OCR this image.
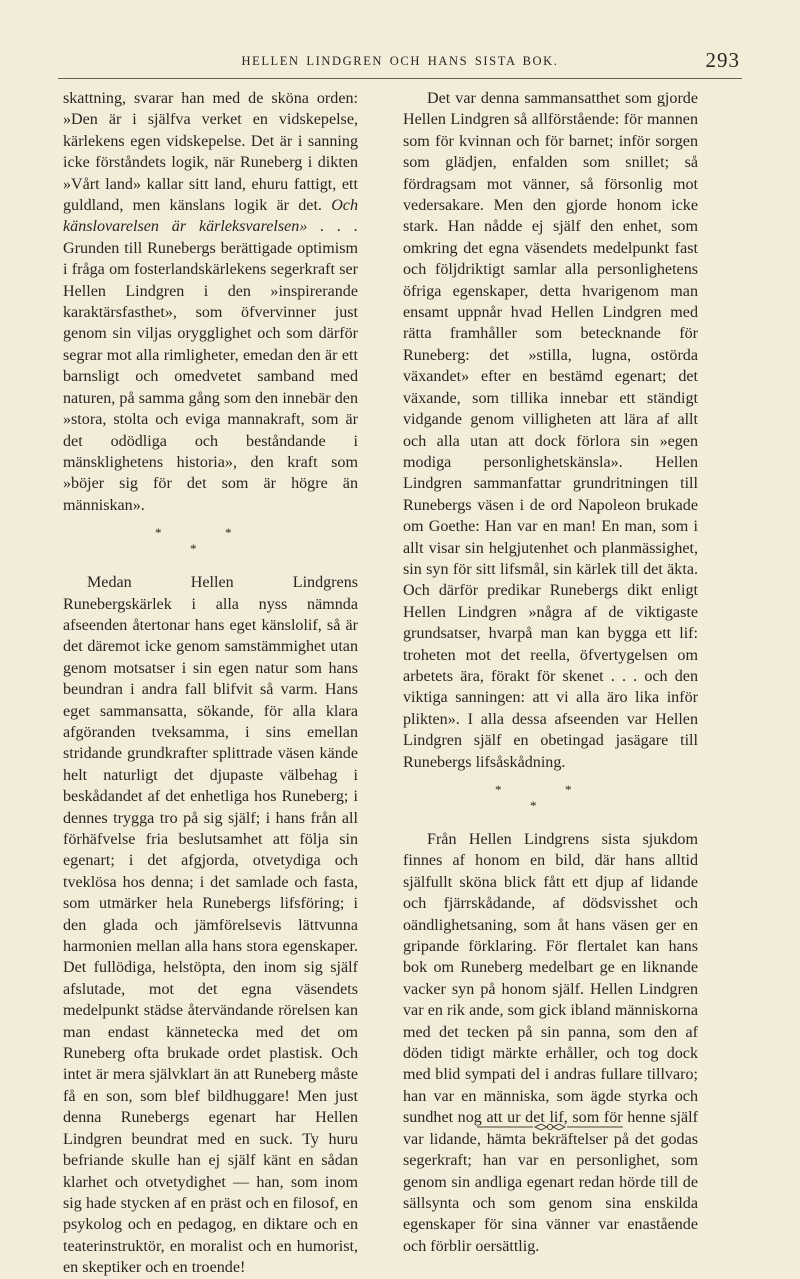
HELLEN LINDGREN OCH HANS SISTA BOK.	293

skattning, svarar han med de sköna orden: »Den är i själfva verket en vidskepelse, kärlekens egen vidskepelse. Det är i sanning icke förståndets logik, när Runeberg i dikten »Vårt land» kallar sitt land, ehuru fattigt, ett guldland, men känslans logik är det. Och känslovarelsen är kärleksvarelsen» . . . Grunden till Runebergs berättigade optimism i fråga om fosterlandskärlekens segerkraft ser Hellen Lindgren i den »inspirerande karaktärsfasthet», som öfvervinner just genom sin viljas orygglighet och som därför segrar mot alla rimligheter, emedan den är ett barnsligt och omedvetet samband med naturen, på samma gång som den innebär den »stora, stolta och eviga mannakraft, som är det odödliga och beståndande i mänsklighetens historia», den kraft som »böjer sig för det som är högre än människan».

*	*
*

Medan Hellen Lindgrens Runebergskärlek i alla nyss nämnda afseenden återtonar hans eget känslolif, så är det däremot icke genom samstämmighet utan genom motsatser i sin egen natur som hans beundran i andra fall blifvit så varm. Hans eget sammansatta, sökande, för alla klara afgöranden tveksamma, i sins emellan stridande grundkrafter splittrade väsen kände helt naturligt det djupaste välbehag i beskådandet af det enhetliga hos Runeberg; i dennes trygga tro på sig själf; i hans från all förhäfvelse fria beslutsamhet att följa sin egenart; i det afgjorda, otvetydiga och tveklösa hos denna; i det samlade och fasta, som utmärker hela Runebergs lifsföring; i den glada och jämförelsevis lättvunna harmonien mellan alla hans stora egenskaper. Det fullödiga, helstöpta, den inom sig själf afslutade, mot det egna väsendets medelpunkt städse återvändande rörelsen kan man endast kännetecka med det om Runeberg ofta brukade ordet plastisk. Och intet är mera självklart än att Runeberg måste få en son, som blef bildhuggare! Men just denna Runebergs egenart har Hellen Lindgren beundrat med en suck. Ty huru befriande skulle han ej själf känt en sådan klarhet och otvetydighet — han, som inom sig hade stycken af en präst och en filosof, en psykolog och en pedagog, en diktare och en teaterinstruktör, en moralist och en humorist, en skeptiker och en troende!

Det var denna sammansatthet som gjorde Hellen Lindgren så allförstående: för mannen som för kvinnan och för barnet; inför sorgen som glädjen, enfalden som snillet; så fördragsam mot vänner, så försonlig mot vedersakare. Men den gjorde honom icke stark. Han nådde ej själf den enhet, som omkring det egna väsendets medelpunkt fast och följdriktigt samlar alla personlighetens öfriga egenskaper, detta hvarigenom man ensamt uppnår hvad Hellen Lindgren med rätta framhåller som betecknande för Runeberg: det »stilla, lugna, ostörda växandet» efter en bestämd egenart; det växande, som tillika innebar ett ständigt vidgande genom villigheten att lära af allt och alla utan att dock förlora sin »egen modiga personlighetskänsla». Hellen Lindgren sammanfattar grundritningen till Runebergs väsen i de ord Napoleon brukade om Goethe: Han var en man! En man, som i allt visar sin helgjutenhet och planmässighet, sin syn för sitt lifsmål, sin kärlek till det äkta. Och därför predikar Runebergs dikt enligt Hellen Lindgren »några af de viktigaste grundsatser, hvarpå man kan bygga ett lif: troheten mot det reella, öfvertygelsen om arbetets ära, förakt för skenet . . . och den viktiga sanningen: att vi alla äro lika inför plikten». I alla dessa afseenden var Hellen Lindgren själf en obetingad jasägare till Runebergs lifsåskådning.

*	*
*

Från Hellen Lindgrens sista sjukdom finnes af honom en bild, där hans alltid själfullt sköna blick fått ett djup af lidande och fjärrskådande, af dödsvisshet och oändlighetsaning, som åt hans väsen ger en gripande förklaring. För flertalet kan hans bok om Runeberg medelbart ge en liknande vacker syn på honom själf. Hellen Lindgren var en rik ande, som gick ibland människorna med det tecken på sin panna, som den af döden tidigt märkte erhåller, och tog dock med blid sympati del i andras fullare tillvaro; han var en människa, som ägde styrka och sundhet nog att ur det lif, som för henne själf var lidande, hämta bekräftelser på det godas segerkraft; han var en personlighet, som genom sin andliga egenart redan hörde till de sällsynta och som genom sina enskilda egenskaper för sina vänner var enastående och förblir oersättlig.
